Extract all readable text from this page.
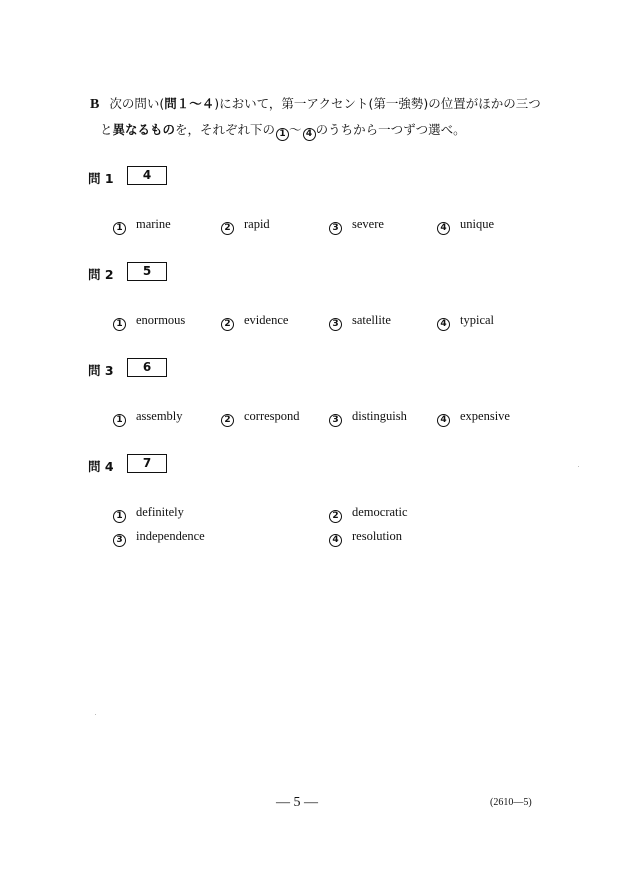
B 次の問い(問１～４)において，第一アクセント(第一強勢)の位置がほかの三つ
と異なるものを，それぞれ下の 1 ～ 4 のうちから一つずつ選べ。
問 1	4
1 marine	2 rapid	3 severe	4 unique
問 2	5
1 enormous	2 evidence	3 satellite	4 typical
問 3	6
1 assembly	2 correspond	3 distinguish	4 expensive
問 4	7
1 definitely	2 democratic
3 independence	4 resolution
— 5 —	(2610—5)
